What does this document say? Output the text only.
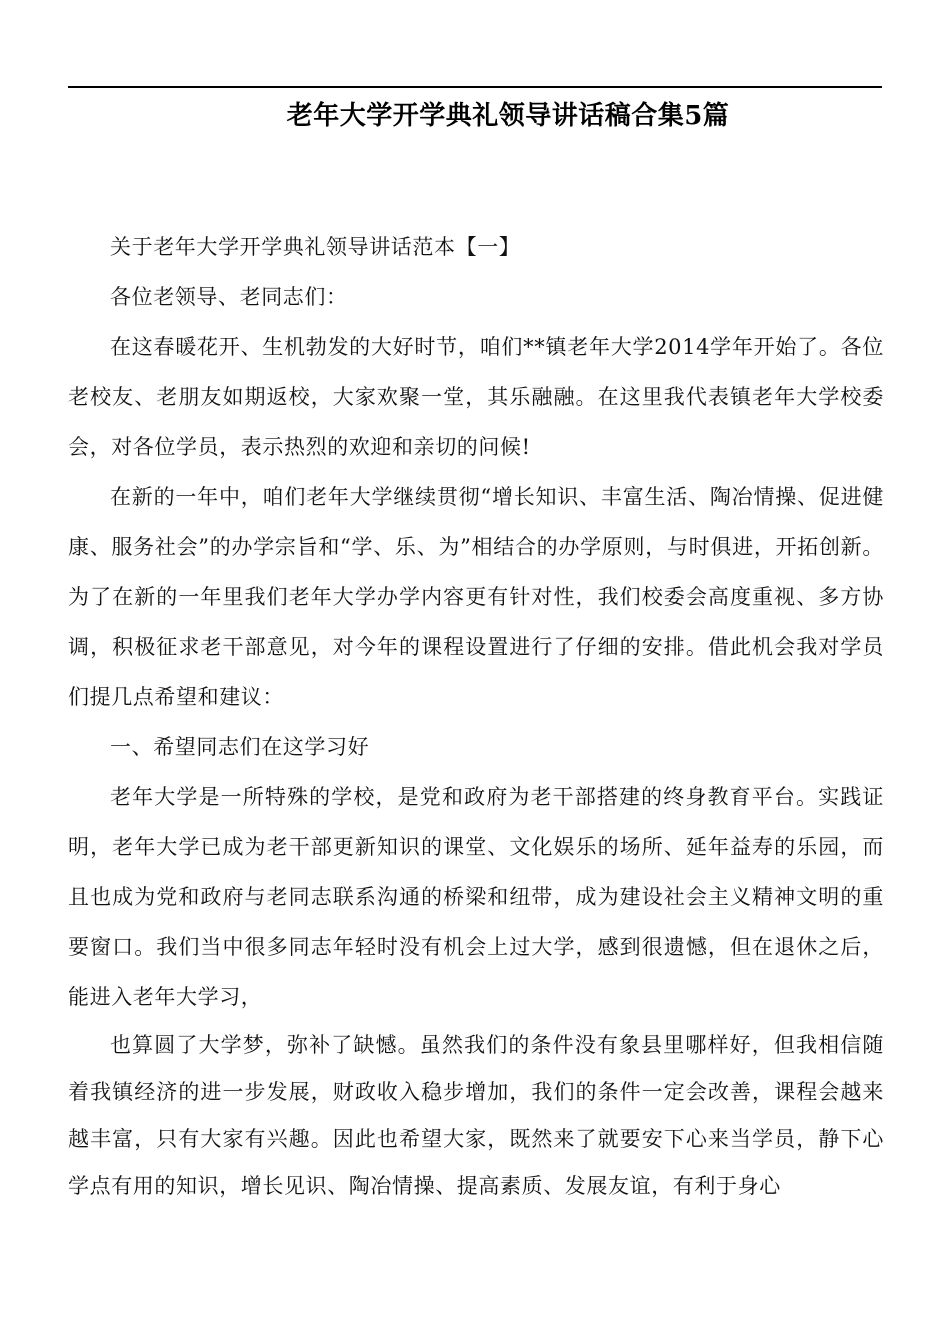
老年大学开学典礼领导讲话稿合集5篇

关于老年大学开学典礼领导讲话范本【一】

各位老领导、老同志们：

在这春暖花开、生机勃发的大好时节，咱们**镇老年大学2014学年开始了。各位老校友、老朋友如期返校，大家欢聚一堂，其乐融融。在这里我代表镇老年大学校委会，对各位学员，表示热烈的欢迎和亲切的问候!

在新的一年中，咱们老年大学继续贯彻“增长知识、丰富生活、陶冶情操、促进健康、服务社会”的办学宗旨和“学、乐、为”相结合的办学原则，与时俱进，开拓创新。为了在新的一年里我们老年大学办学内容更有针对性，我们校委会高度重视、多方协调，积极征求老干部意见，对今年的课程设置进行了仔细的安排。借此机会我对学员们提几点希望和建议：

一、希望同志们在这学习好

老年大学是一所特殊的学校，是党和政府为老干部搭建的终身教育平台。实践证明，老年大学已成为老干部更新知识的课堂、文化娱乐的场所、延年益寿的乐园，而且也成为党和政府与老同志联系沟通的桥梁和纽带，成为建设社会主义精神文明的重要窗口。我们当中很多同志年轻时没有机会上过大学，感到很遗憾，但在退休之后，能进入老年大学习，

也算圆了大学梦，弥补了缺憾。虽然我们的条件没有象县里哪样好，但我相信随着我镇经济的进一步发展，财政收入稳步增加，我们的条件一定会改善，课程会越来越丰富，只有大家有兴趣。因此也希望大家，既然来了就要安下心来当学员，静下心学点有用的知识，增长见识、陶冶情操、提高素质、发展友谊，有利于身心
